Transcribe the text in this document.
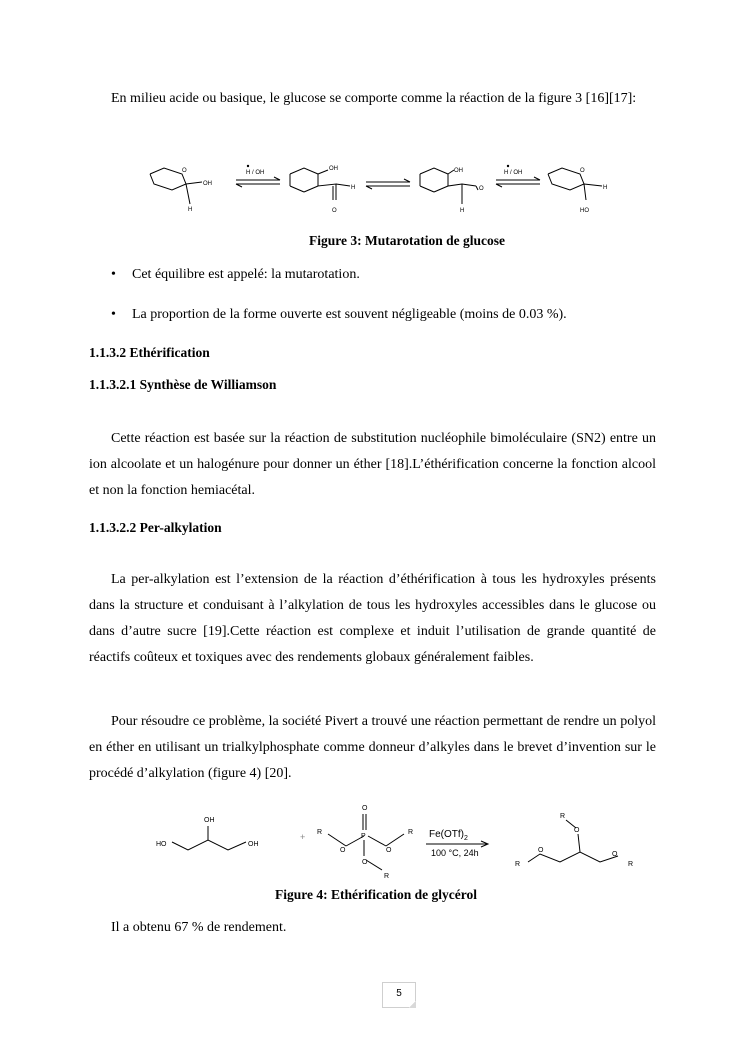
En milieu acide ou basique, le glucose se comporte comme la réaction de la figure 3 [16][17]:

O
OH
H
H / OH
OH
H
O
OH
O
H
H / OH	O
H
HO

Figure 3: Mutarotation de glucose

• Cet équilibre est appelé: la mutarotation.

• La proportion de la forme ouverte est souvent négligeable (moins de 0.03 %).

1.1.3.2 Ethérification

1.1.3.2.1 Synthèse de Williamson

Cette réaction est basée sur la réaction de substitution nucléophile bimoléculaire (SN2) entre un ion alcoolate et un halogénure pour donner un éther [18].L’éthérification concerne la fonction alcool et non la fonction hemiacétal.

1.1.3.2.2 Per-alkylation

La per-alkylation est l’extension de la réaction d’éthérification à tous les hydroxyles présents dans la structure et conduisant à l’alkylation de tous les hydroxyles accessibles dans le glucose ou dans d’autre sucre [19].Cette réaction est complexe et induit l’utilisation de grande quantité de réactifs coûteux et toxiques avec des rendements globaux généralement faibles.

Pour résoudre ce problème, la société Pivert a trouvé une réaction permettant de rendre un polyol en éther en utilisant un trialkylphosphate comme donneur d’alkyles dans le brevet d’invention sur le procédé d’alkylation (figure 4) [20].

OH
HO	OH
+
O
P
O	O
O
R	R
R
$Fe(OTf)_2$
100 °C, 24h
R
O
O
R
O
R

Figure 4: Ethérification de glycérol

Il a obtenu 67 % de rendement.

5
